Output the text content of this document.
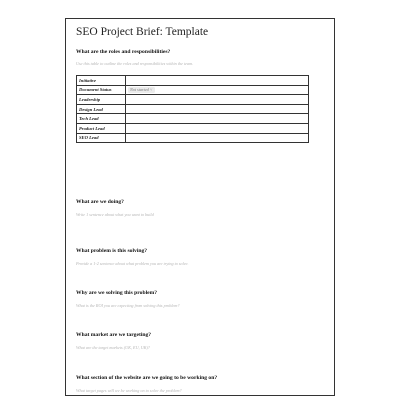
SEO Project Brief: Template
What are the roles and responsibilities?
Use this table to outline the roles and responsibilities within the team.
Initiative	
Document Status	Not started ˅
Leadership	
Design Lead	
Tech Lead	
Product Lead	
SEO Lead	
What are we doing?
Write 1 sentence about what you want to build
What problem is this solving?
Provide a 1-2 sentence about what problem you are trying to solve.
Why are we solving this problem?
What is the ROI you are expecting from solving this problem?
What market are we targeting?
What are the target markets (UK, EU, UK)?
What section of the website are we going to be working on?
What target pages will we be working on to solve the problem?
